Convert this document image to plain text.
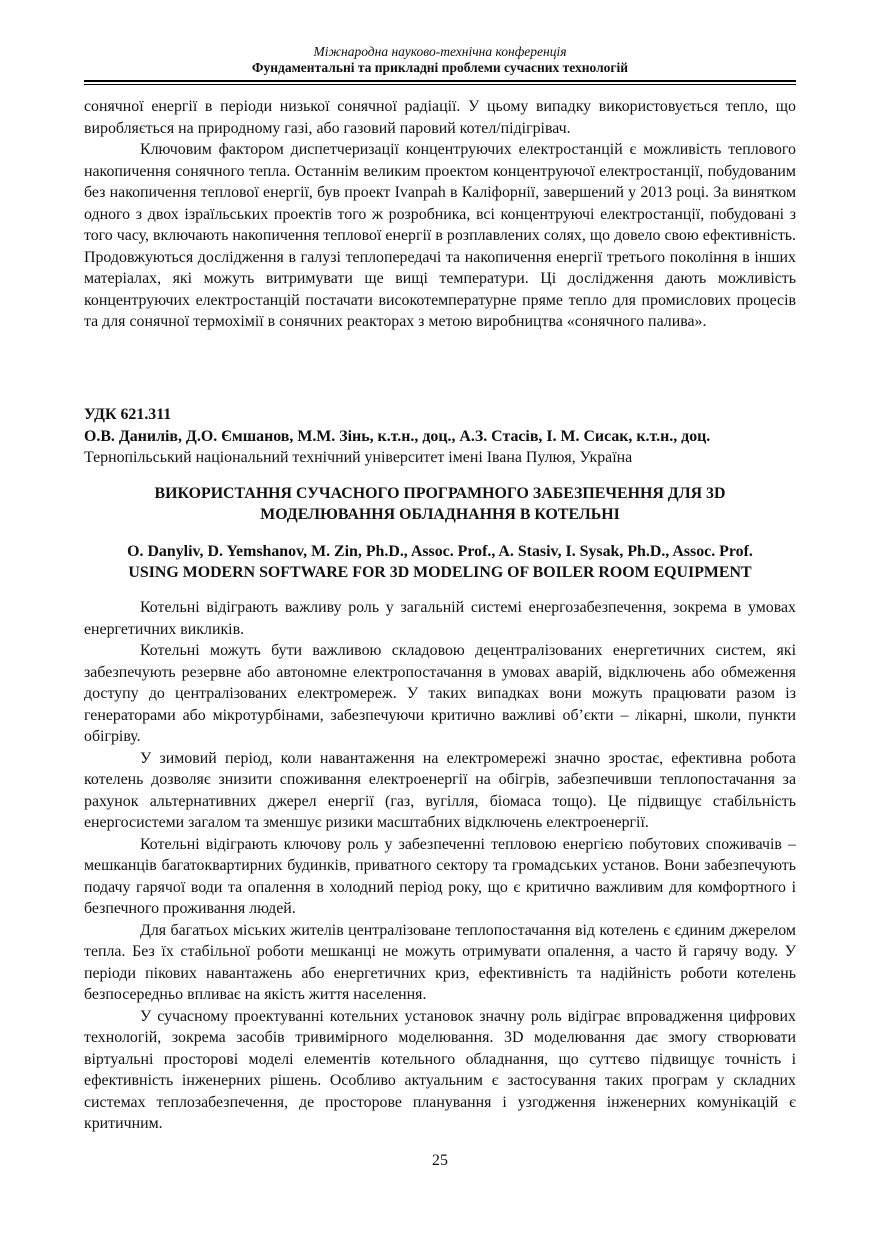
Міжнародна науково-технічна конференція
Фундаментальні та прикладні проблеми сучасних технологій

сонячної енергії в періоди низької сонячної радіації. У цьому випадку використовується тепло, що виробляється на природному газі, або газовий паровий котел/підігрівач.

Ключовим фактором диспетчеризації концентруючих електростанцій є можливість теплового накопичення сонячного тепла. Останнім великим проектом концентруючої електростанції, побудованим без накопичення теплової енергії, був проект Ivanpah в Каліфорнії, завершений у 2013 році. За винятком одного з двох ізраїльських проектів того ж розробника, всі концентруючі електростанції, побудовані з того часу, включають накопичення теплової енергії в розплавлених солях, що довело свою ефективність. Продовжуються дослідження в галузі теплопередачі та накопичення енергії третього покоління в інших матеріалах, які можуть витримувати ще вищі температури. Ці дослідження дають можливість концентруючих електростанцій постачати високотемпературне пряме тепло для промислових процесів та для сонячної термохімії в сонячних реакторах з метою виробництва «сонячного палива».

УДК 621.311
О.В. Данилів, Д.О. Ємшанов, М.М. Зінь, к.т.н., доц., А.З. Стасів, І. М. Сисак, к.т.н., доц.
Тернопільський національний технічний університет імені Івана Пулюя, Україна
ВИКОРИСТАННЯ СУЧАСНОГО ПРОГРАМНОГО ЗАБЕЗПЕЧЕННЯ ДЛЯ 3D
МОДЕЛЮВАННЯ ОБЛАДНАННЯ В КОТЕЛЬНІ
O. Danyliv, D. Yemshanov, M. Zin, Ph.D., Assoc. Prof., A. Stasiv, I. Sysak, Ph.D., Assoc. Prof.
USING MODERN SOFTWARE FOR 3D MODELING OF BOILER ROOM EQUIPMENT

Котельні відіграють важливу роль у загальній системі енергозабезпечення, зокрема в умовах енергетичних викликів.

Котельні можуть бути важливою складовою децентралізованих енергетичних систем, які забезпечують резервне або автономне електропостачання в умовах аварій, відключень або обмеження доступу до централізованих електромереж. У таких випадках вони можуть працювати разом із генераторами або мікротурбінами, забезпечуючи критично важливі об’єкти – лікарні, школи, пункти обігріву.

У зимовий період, коли навантаження на електромережі значно зростає, ефективна робота котелень дозволяє знизити споживання електроенергії на обігрів, забезпечивши теплопостачання за рахунок альтернативних джерел енергії (газ, вугілля, біомаса тощо). Це підвищує стабільність енергосистеми загалом та зменшує ризики масштабних відключень електроенергії.

Котельні відіграють ключову роль у забезпеченні тепловою енергією побутових споживачів – мешканців багатоквартирних будинків, приватного сектору та громадських установ. Вони забезпечують подачу гарячої води та опалення в холодний період року, що є критично важливим для комфортного і безпечного проживання людей.

Для багатьох міських жителів централізоване теплопостачання від котелень є єдиним джерелом тепла. Без їх стабільної роботи мешканці не можуть отримувати опалення, а часто й гарячу воду. У періоди пікових навантажень або енергетичних криз, ефективність та надійність роботи котелень безпосередньо впливає на якість життя населення.

У сучасному проектуванні котельних установок значну роль відіграє впровадження цифрових технологій, зокрема засобів тривимірного моделювання. 3D моделювання дає змогу створювати віртуальні просторові моделі елементів котельного обладнання, що суттєво підвищує точність і ефективність інженерних рішень. Особливо актуальним є застосування таких програм у складних системах теплозабезпечення, де просторове планування і узгодження інженерних комунікацій є критичним.

25
